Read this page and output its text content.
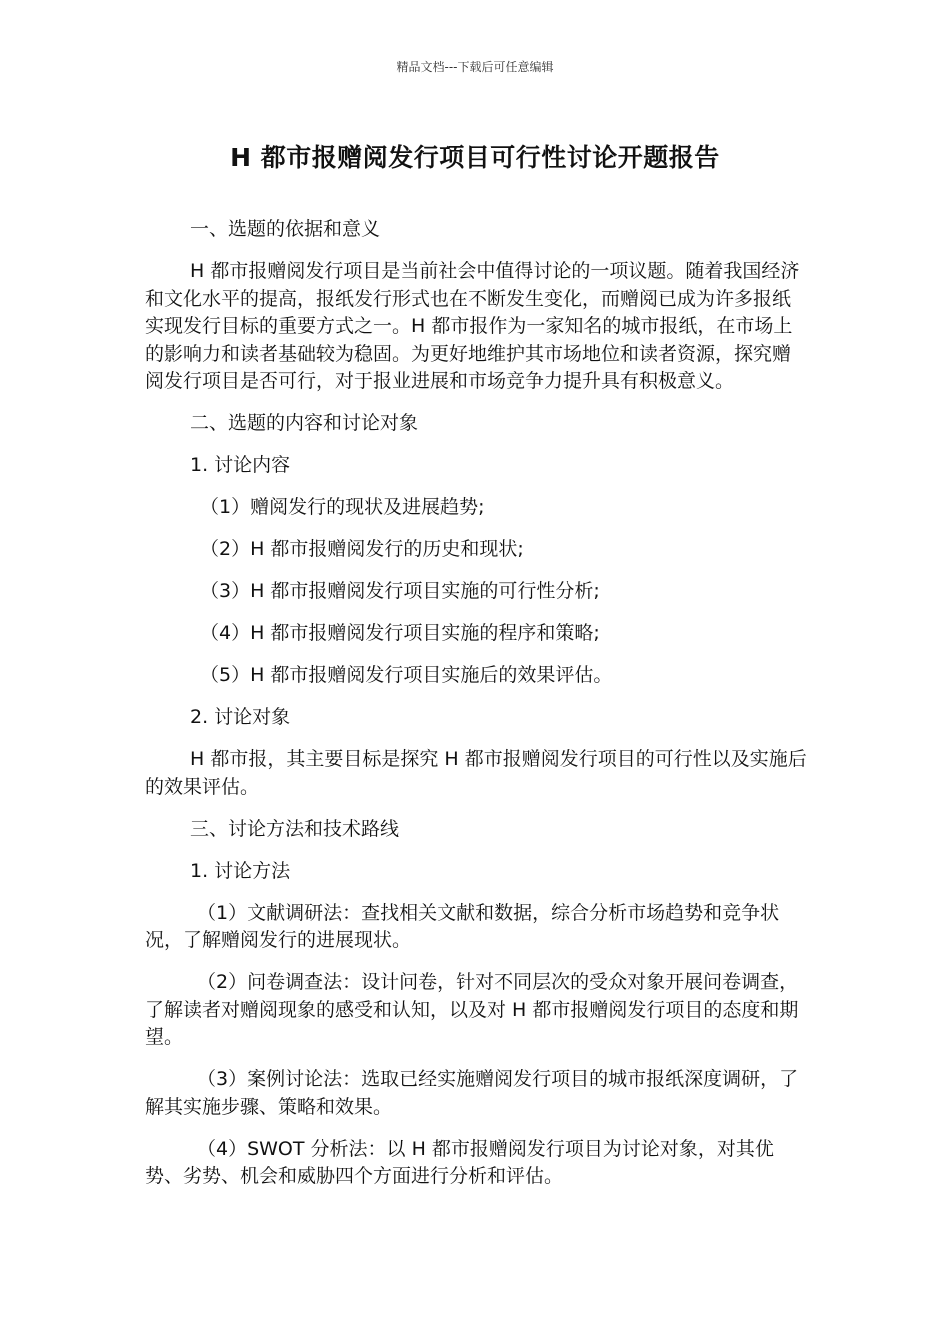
精品文档---下载后可任意编辑
H 都市报赠阅发行项目可行性讨论开题报告

一、选题的依据和意义

H 都市报赠阅发行项目是当前社会中值得讨论的一项议题。随着我国经济和文化水平的提高，报纸发行形式也在不断发生变化，而赠阅已成为许多报纸实现发行目标的重要方式之一。H 都市报作为一家知名的城市报纸，在市场上的影响力和读者基础较为稳固。为更好地维护其市场地位和读者资源，探究赠阅发行项目是否可行，对于报业进展和市场竞争力提升具有积极意义。

二、选题的内容和讨论对象

1. 讨论内容

（1）赠阅发行的现状及进展趋势;

（2）H 都市报赠阅发行的历史和现状;

（3）H 都市报赠阅发行项目实施的可行性分析;

（4）H 都市报赠阅发行项目实施的程序和策略;

（5）H 都市报赠阅发行项目实施后的效果评估。

2. 讨论对象

H 都市报，其主要目标是探究 H 都市报赠阅发行项目的可行性以及实施后的效果评估。

三、讨论方法和技术路线

1. 讨论方法

（1）文献调研法：查找相关文献和数据，综合分析市场趋势和竞争状况，了解赠阅发行的进展现状。

（2）问卷调查法：设计问卷，针对不同层次的受众对象开展问卷调查，了解读者对赠阅现象的感受和认知，以及对 H 都市报赠阅发行项目的态度和期望。

（3）案例讨论法：选取已经实施赠阅发行项目的城市报纸深度调研，了解其实施步骤、策略和效果。

（4）SWOT 分析法：以 H 都市报赠阅发行项目为讨论对象，对其优势、劣势、机会和威胁四个方面进行分析和评估。
